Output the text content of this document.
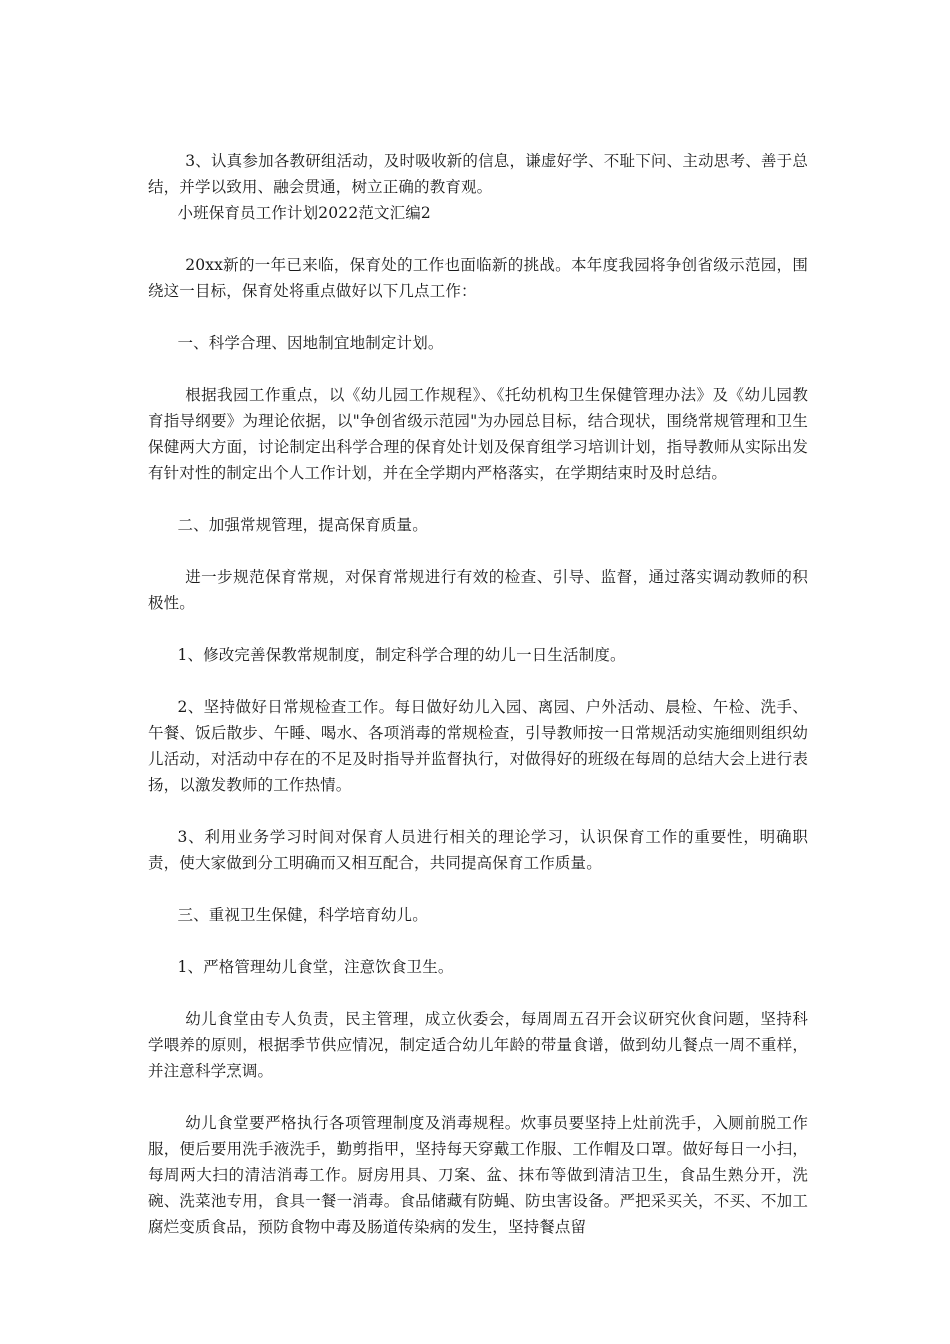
3、认真参加各教研组活动，及时吸收新的信息，谦虚好学、不耻下问、主动思考、善于总结，并学以致用、融会贯通，树立正确的教育观。

小班保育员工作计划2022范文汇编2

20xx新的一年已来临，保育处的工作也面临新的挑战。本年度我园将争创省级示范园，围绕这一目标，保育处将重点做好以下几点工作：

一、科学合理、因地制宜地制定计划。

根据我园工作重点，以《幼儿园工作规程》、《托幼机构卫生保健管理办法》及《幼儿园教育指导纲要》为理论依据，以"争创省级示范园"为办园总目标，结合现状，围绕常规管理和卫生保健两大方面，讨论制定出科学合理的保育处计划及保育组学习培训计划，指导教师从实际出发有针对性的制定出个人工作计划，并在全学期内严格落实，在学期结束时及时总结。

二、加强常规管理，提高保育质量。

进一步规范保育常规，对保育常规进行有效的检查、引导、监督，通过落实调动教师的积极性。

1、修改完善保教常规制度，制定科学合理的幼儿一日生活制度。

2、坚持做好日常规检查工作。每日做好幼儿入园、离园、户外活动、晨检、午检、洗手、午餐、饭后散步、午睡、喝水、各项消毒的常规检查，引导教师按一日常规活动实施细则组织幼儿活动，对活动中存在的不足及时指导并监督执行，对做得好的班级在每周的总结大会上进行表扬，以激发教师的工作热情。

3、利用业务学习时间对保育人员进行相关的理论学习，认识保育工作的重要性，明确职责，使大家做到分工明确而又相互配合，共同提高保育工作质量。

三、重视卫生保健，科学培育幼儿。

1、严格管理幼儿食堂，注意饮食卫生。

幼儿食堂由专人负责，民主管理，成立伙委会，每周周五召开会议研究伙食问题，坚持科学喂养的原则，根据季节供应情况，制定适合幼儿年龄的带量食谱，做到幼儿餐点一周不重样，并注意科学烹调。

幼儿食堂要严格执行各项管理制度及消毒规程。炊事员要坚持上灶前洗手，入厕前脱工作服，便后要用洗手液洗手，勤剪指甲，坚持每天穿戴工作服、工作帽及口罩。做好每日一小扫，每周两大扫的清洁消毒工作。厨房用具、刀案、盆、抹布等做到清洁卫生，食品生熟分开，洗碗、洗菜池专用，食具一餐一消毒。食品储藏有防蝇、防虫害设备。严把采买关，不买、不加工腐烂变质食品，预防食物中毒及肠道传染病的发生，坚持餐点留
